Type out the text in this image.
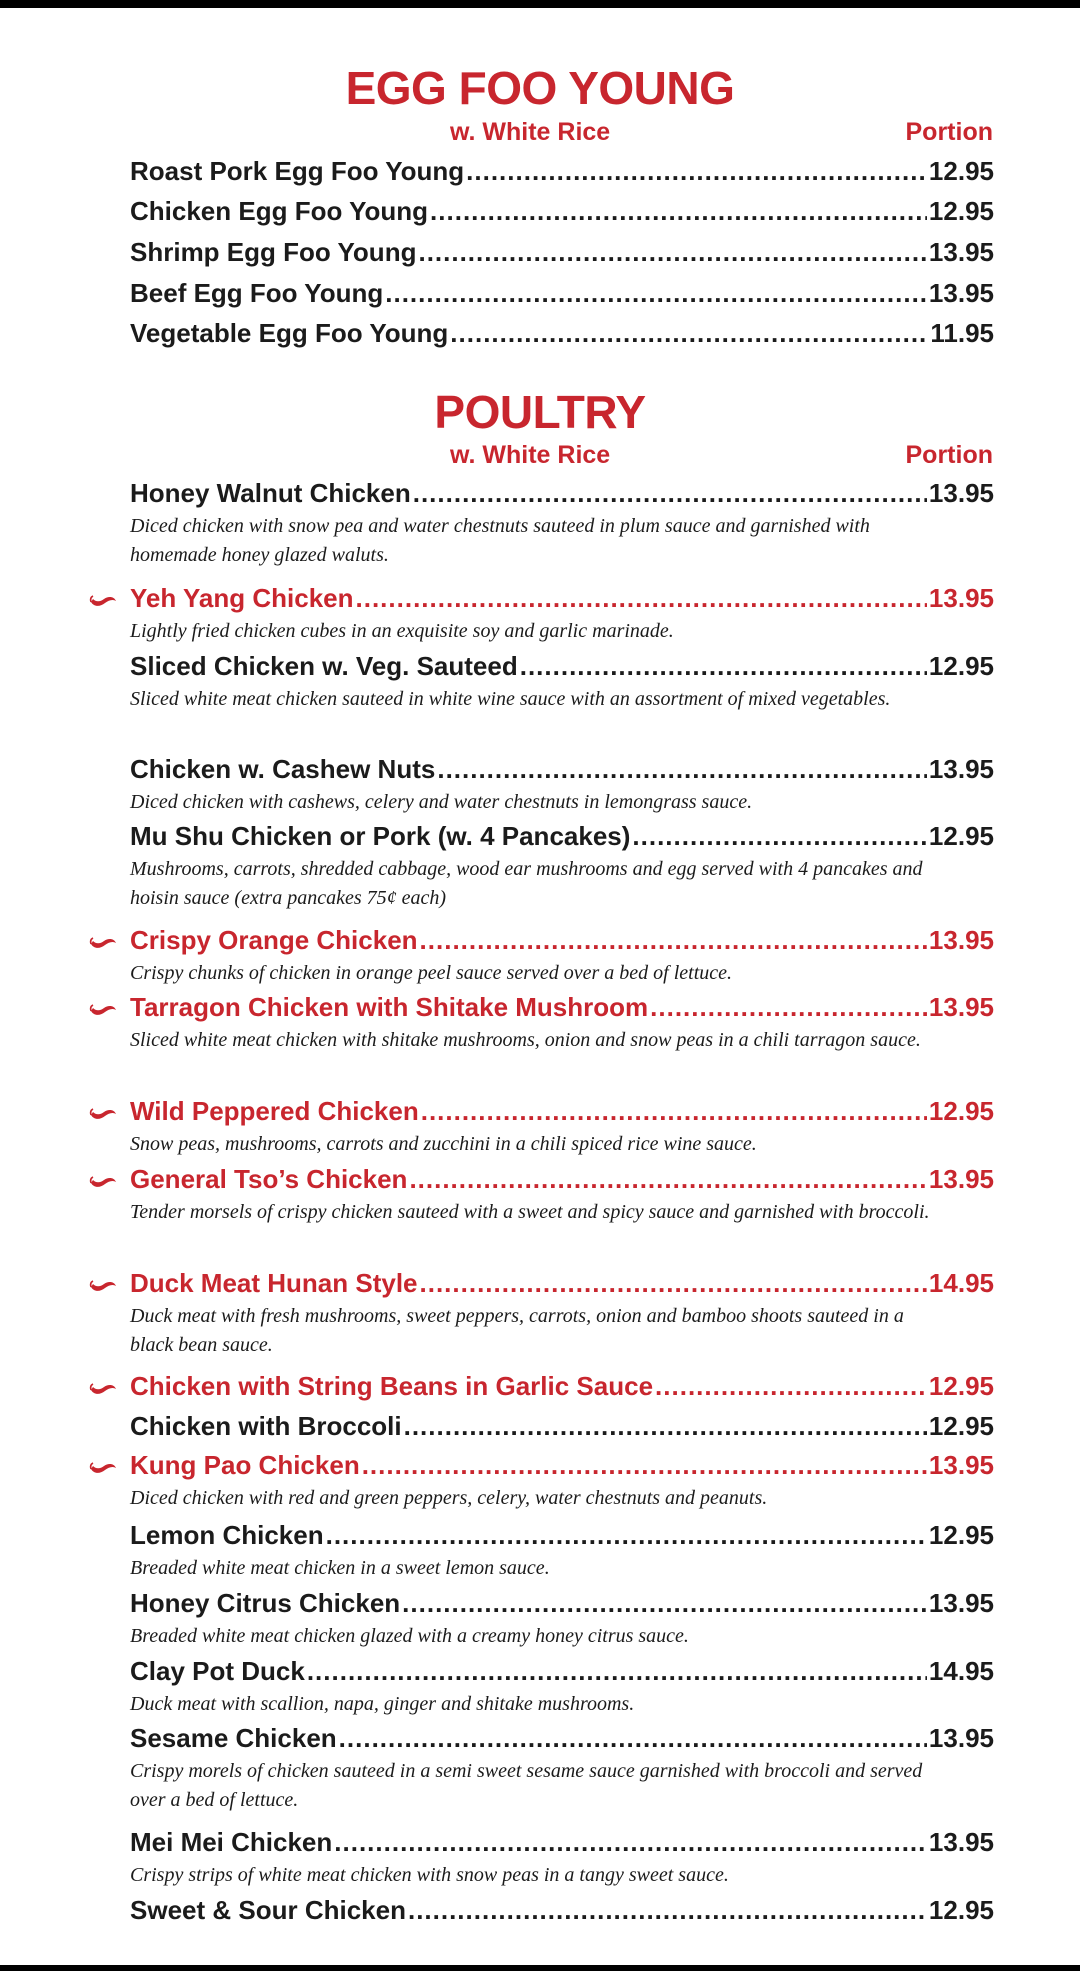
EGG FOO YOUNG
w. White Rice	Portion
Roast Pork Egg Foo Young .....	12.95
Chicken Egg Foo Young .....	12.95
Shrimp Egg Foo Young .....	13.95
Beef Egg Foo Young .....	13.95
Vegetable Egg Foo Young .....	11.95
POULTRY
w. White Rice	Portion
Honey Walnut Chicken .....	13.95
Diced chicken with snow pea and water chestnuts sauteed in plum sauce and garnished with homemade honey glazed waluts.
Yeh Yang Chicken .....	13.95
Lightly fried chicken cubes in an exquisite soy and garlic marinade.
Sliced Chicken w. Veg. Sauteed .....	12.95
Sliced white meat chicken sauteed in white wine sauce with an assortment of mixed vegetables.
Chicken w. Cashew Nuts .....	13.95
Diced chicken with cashews, celery and water chestnuts in lemongrass sauce.
Mu Shu Chicken or Pork (w. 4 Pancakes) .....	12.95
Mushrooms, carrots, shredded cabbage, wood ear mushrooms and egg served with 4 pancakes and hoisin sauce (extra pancakes 75¢ each)
Crispy Orange Chicken .....	13.95
Crispy chunks of chicken in orange peel sauce served over a bed of lettuce.
Tarragon Chicken with Shitake Mushroom .....	13.95
Sliced white meat chicken with shitake mushrooms, onion and snow peas in a chili tarragon sauce.
Wild Peppered Chicken .....	12.95
Snow peas, mushrooms, carrots and zucchini in a chili spiced rice wine sauce.
General Tso’s Chicken .....	13.95
Tender morsels of crispy chicken sauteed with a sweet and spicy sauce and garnished with broccoli.
Duck Meat Hunan Style .....	14.95
Duck meat with fresh mushrooms, sweet peppers, carrots, onion and bamboo shoots sauteed in a black bean sauce.
Chicken with String Beans in Garlic Sauce .....	12.95
Chicken with Broccoli .....	12.95
Kung Pao Chicken .....	13.95
Diced chicken with red and green peppers, celery, water chestnuts and peanuts.
Lemon Chicken .....	12.95
Breaded white meat chicken in a sweet lemon sauce.
Honey Citrus Chicken .....	13.95
Breaded white meat chicken glazed with a creamy honey citrus sauce.
Clay Pot Duck .....	14.95
Duck meat with scallion, napa, ginger and shitake mushrooms.
Sesame Chicken .....	13.95
Crispy morels of chicken sauteed in a semi sweet sesame sauce garnished with broccoli and served over a bed of lettuce.
Mei Mei Chicken .....	13.95
Crispy strips of white meat chicken with snow peas in a tangy sweet sauce.
Sweet & Sour Chicken .....	12.95
